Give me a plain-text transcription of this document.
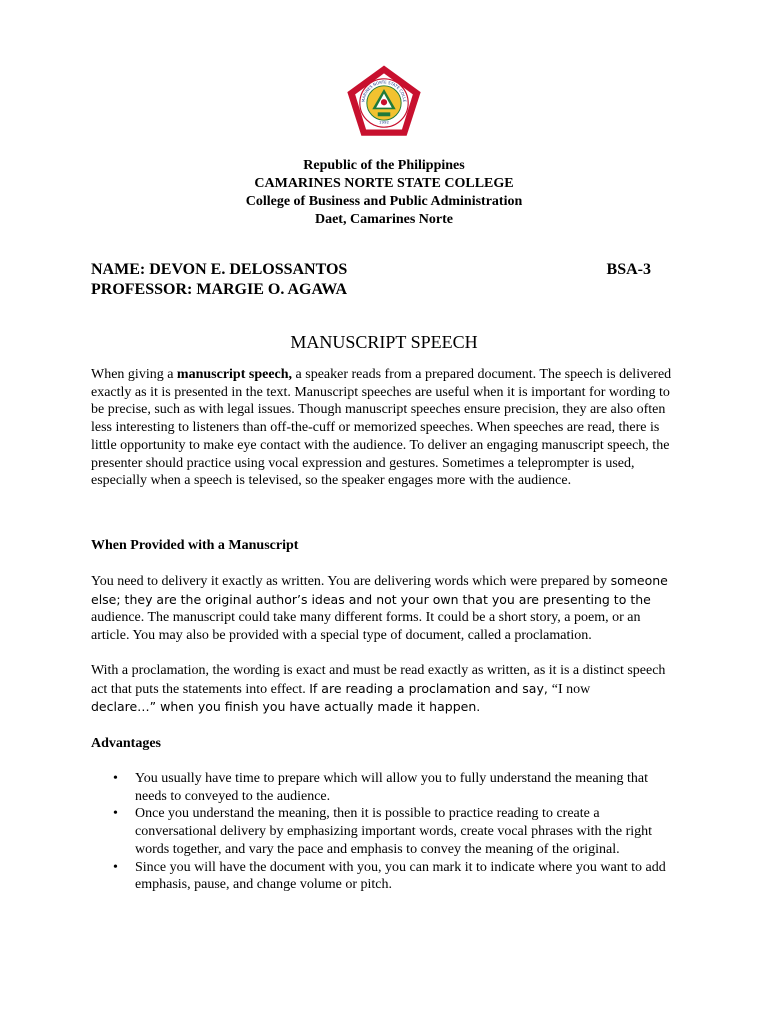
MARINES NORTE STATE COLLE
1992
Republic of the Philippines
CAMARINES NORTE STATE COLLEGE
College of Business and Public Administration
Daet, Camarines Norte
NAME: DEVON E. DELOSSANTOS	BSA-3
PROFESSOR: MARGIE O. AGAWA
MANUSCRIPT SPEECH
When giving a manuscript speech, a speaker reads from a prepared document. The speech is delivered exactly as it is presented in the text. Manuscript speeches are useful when it is important for wording to be precise, such as with legal issues. Though manuscript speeches ensure precision, they are also often less interesting to listeners than off-the-cuff or memorized speeches. When speeches are read, there is little opportunity to make eye contact with the audience. To deliver an engaging manuscript speech, the presenter should practice using vocal expression and gestures. Sometimes a teleprompter is used, especially when a speech is televised, so the speaker engages more with the audience.
When Provided with a Manuscript
You need to delivery it exactly as written. You are delivering words which were prepared by someone else; they are the original author’s ideas and not your own that you are presenting to the audience. The manuscript could take many different forms. It could be a short story, a poem, or an article. You may also be provided with a special type of document, called a proclamation.
With a proclamation, the wording is exact and must be read exactly as written, as it is a distinct speech act that puts the statements into effect. If are reading a proclamation and say, “I now
declare…” when you finish you have actually made it happen.
Advantages
• You usually have time to prepare which will allow you to fully understand the meaning that needs to conveyed to the audience.
• Once you understand the meaning, then it is possible to practice reading to create a conversational delivery by emphasizing important words, create vocal phrases with the right words together, and vary the pace and emphasis to convey the meaning of the original.
• Since you will have the document with you, you can mark it to indicate where you want to add emphasis, pause, and change volume or pitch.
